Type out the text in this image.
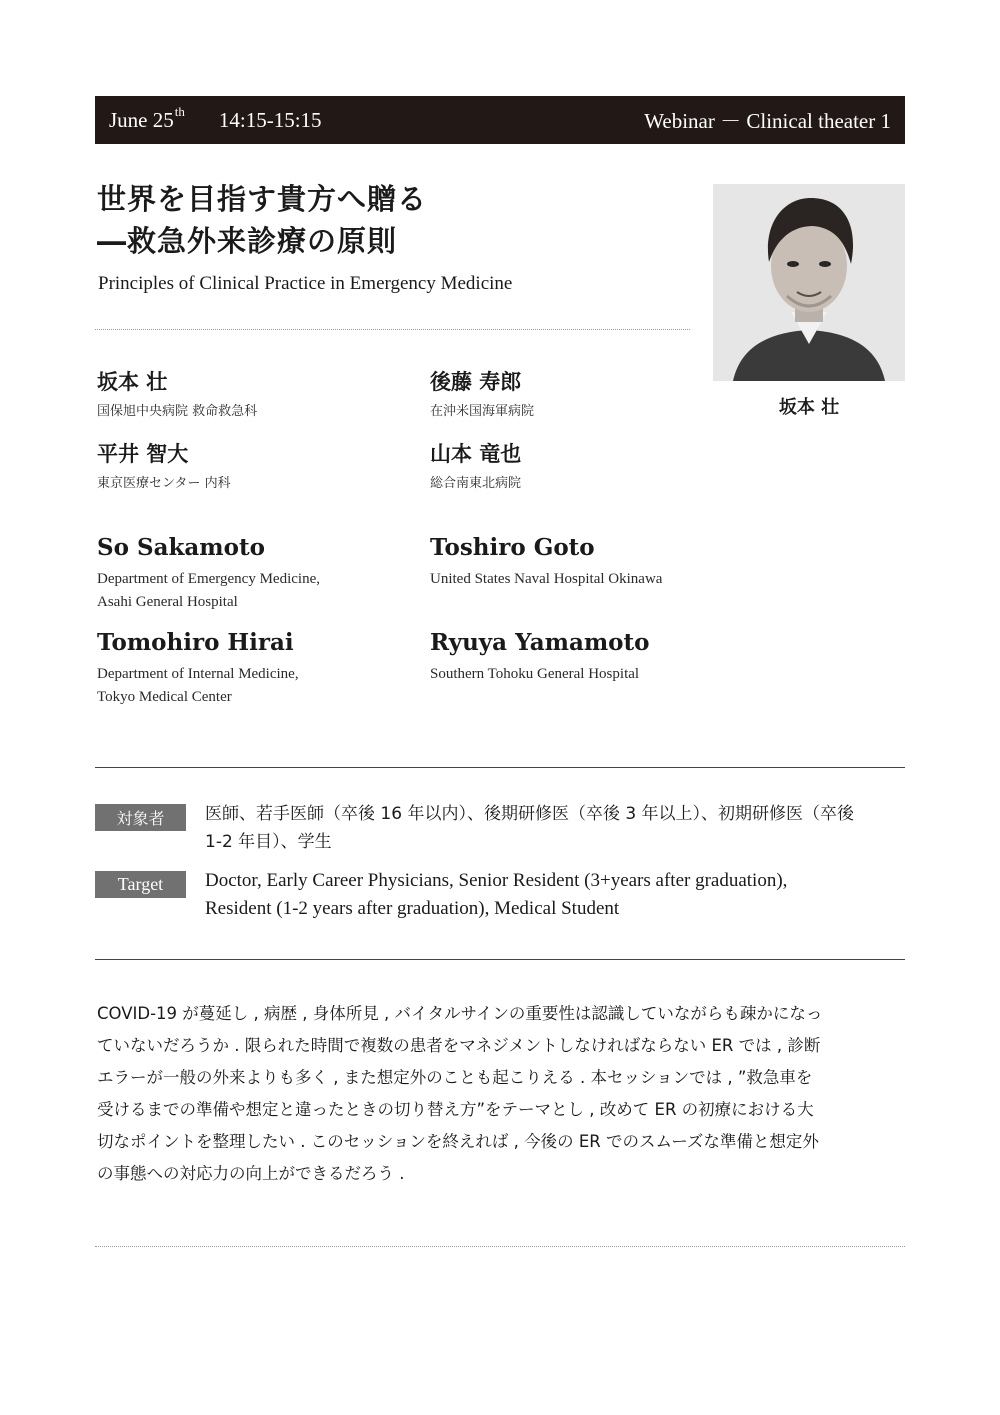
June 25th 14:15-15:15	Webinar － Clinical theater 1
世界を目指す貴方へ贈る
―救急外来診療の原則
Principles of Clinical Practice in Emergency Medicine
坂本 壮
坂本 壮
国保旭中央病院 救命救急科
後藤 寿郎
在沖米国海軍病院
平井 智大
東京医療センター 内科
山本 竜也
総合南東北病院
So Sakamoto
Department of Emergency Medicine,
Asahi General Hospital
Toshiro Goto
United States Naval Hospital Okinawa
Tomohiro Hirai
Department of Internal Medicine,
Tokyo Medical Center
Ryuya Yamamoto
Southern Tohoku General Hospital
対象者	医師、若手医師（卒後 16 年以内）、後期研修医（卒後 3 年以上）、初期研修医（卒後
1-2 年目）、学生
Target	Doctor, Early Career Physicians, Senior Resident (3+years after graduation),
Resident (1-2 years after graduation), Medical Student
COVID-19 が蔓延し , 病歴 , 身体所見 , バイタルサインの重要性は認識していながらも疎かになっ
ていないだろうか . 限られた時間で複数の患者をマネジメントしなければならない ER では , 診断
エラーが一般の外来よりも多く , また想定外のことも起こりえる . 本セッションでは , ”救急車を
受けるまでの準備や想定と違ったときの切り替え方”をテーマとし , 改めて ER の初療における大
切なポイントを整理したい . このセッションを終えれば , 今後の ER でのスムーズな準備と想定外
の事態への対応力の向上ができるだろう .
